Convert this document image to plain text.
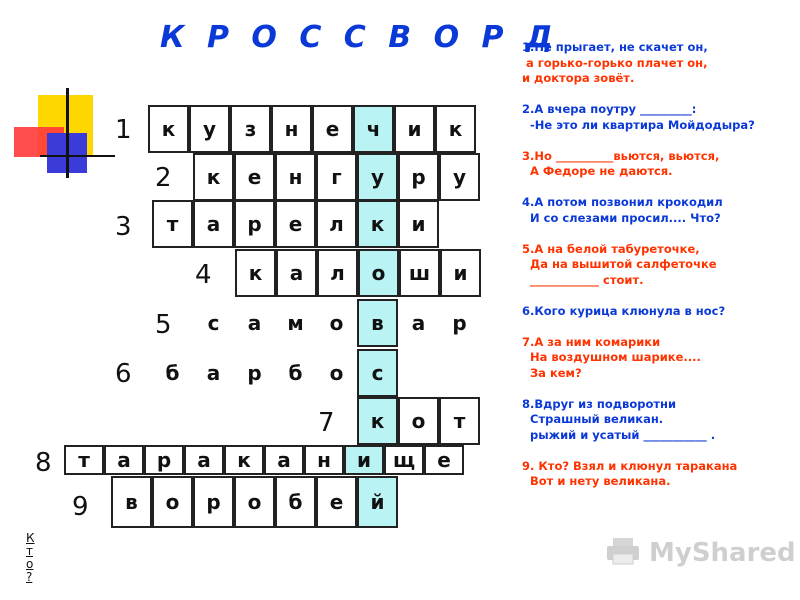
К Р О С С В О Р Д
1	к	у	з	н	е	ч	и	к
2	к	е	н	г	у	р	у
3	т	а	р	е	л	к	и
4	к	а	л	о	ш	и
5	с	а	м	о	в	а	р
6	б	а	р	б	о	с
7	к	о	т
8	т	а	р	а	к	а	н	и	щ	е
9	в	о	р	о	б	е	й
1.Не прыгает, не скачет он,
а горько-горько плачет он,
и доктора зовёт.
2.А вчера поутру _________:
-Не это ли квартира Мойдодыра?
3.Но __________вьются, вьются,
А Федоре не даются.
4.А потом позвонил крокодил
И со слезами просил.... Что?
5.А на белой табуреточке,
Да на вышитой салфеточке
____________ стоит.
6.Кого курица клюнула в нос?
7.А за ним комарики
На воздушном шарике....
За кем?
8.Вдруг из подворотни
Страшный великан.
рыжий и усатый ___________ .
9. Кто? Взял и клюнул таракана
Вот и нету великана.
К
т
о
?
MyShared
